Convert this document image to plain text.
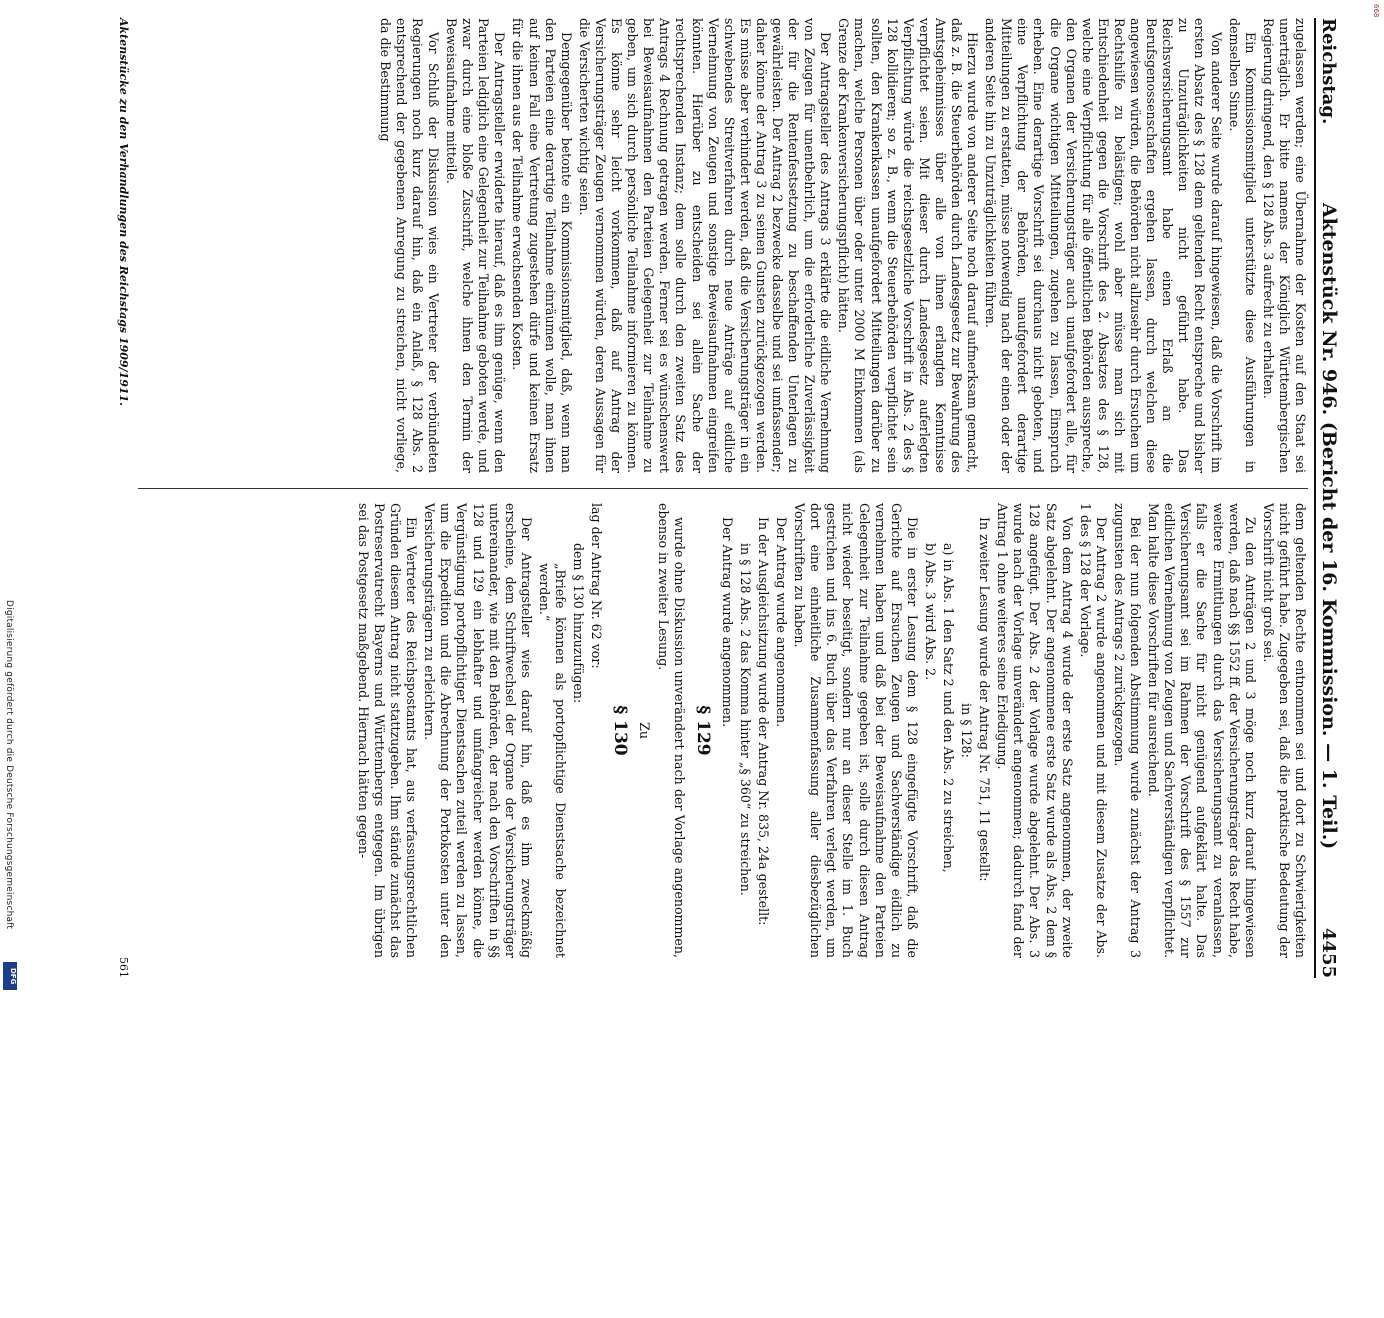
Digitalisierung gefördert durch die Deutsche Forschungsgemeinschaft
DFG
668
Reichstag.
Aktenstück Nr. 946. (Bericht der 16. Kommission. — 1. Teil.)
4455

zugelassen werden; eine Übernahme der Kosten auf den Staat sei unerträglich. Er bitte namens der Königlich Württembergischen Regierung dringend, den § 128 Abs. 3 aufrecht zu erhalten.

Ein Kommissionsmitglied unterstützte diese Ausführungen in demselben Sinne.

Von anderer Seite wurde darauf hingewiesen, daß die Vorschrift im ersten Absatz des § 128 dem geltenden Recht entspreche und bisher zu Unzuträglichkeiten nicht geführt habe. Das Reichsversicherungsamt habe einen Erlaß an die Berufsgenossenschaften ergehen lassen, durch welchen diese angewiesen würden, die Behörden nicht allzusehr durch Ersuchen um Rechtshilfe zu belästigen; wohl aber müsse man sich mit Entschiedenheit gegen die Vorschrift des 2. Absatzes des § 128, welche eine Verpflichtung für alle öffentlichen Behörden ausspreche, den Organen der Versicherungsträger auch unaufgefordert alle, für die Organe wichtigen Mitteilungen, zugehen zu lassen, Einspruch erheben. Eine derartige Vorschrift sei durchaus nicht geboten, und eine Verpflichtung der Behörden, unaufgefordert derartige Mitteilungen zu erstatten, müsse notwendig nach der einen oder der anderen Seite hin zu Unzuträglichkeiten führen.

Hierzu wurde von anderer Seite noch darauf aufmerksam gemacht, daß z. B. die Steuerbehörden durch Landesgesetz zur Bewahrung des Amtsgeheimnisses über alle von ihnen erlangten Kenntnisse verpflichtet seien. Mit dieser durch Landesgesetz auferlegten Verpflichtung würde die reichsgesetzliche Vorschrift in Abs. 2 des § 128 kollidieren; so z. B., wenn die Steuerbehörden verpflichtet sein sollten, den Krankenkassen unaufgefordert Mitteilungen darüber zu machen, welche Personen über oder unter 2000 M Einkommen (als Grenze der Krankenversicherungspflicht) hätten.

Der Antragsteller des Antrags 3 erklärte die eidliche Vernehmung von Zeugen für unentbehrlich, um die erforderliche Zuverlässigkeit der für die Rentenfestsetzung zu beschaffenden Unterlagen zu gewährleisten. Der Antrag 2 bezwecke dasselbe und sei umfassender; daher könne der Antrag 3 zu seinen Gunsten zurückgezogen werden. Es müsse aber verhindert werden, daß die Versicherungsträger in ein schwebendes Streitverfahren durch neue Anträge auf eidliche Vernehmung von Zeugen und sonstige Beweisaufnahmen eingreifen könnten. Hierüber zu entscheiden sei allein Sache der rechtsprechenden Instanz; dem solle durch den zweiten Satz des Antrags 4 Rechnung getragen werden. Ferner sei es wünschenswert bei Beweisaufnahmen den Parteien Gelegenheit zur Teilnahme zu geben, um sich durch persönliche Teilnahme informieren zu können. Es könne sehr leicht vorkommen, daß auf Antrag der Versicherungsträger Zeugen vernommen würden, deren Aussagen für die Versicherten wichtig seien.

Demgegenüber betonte ein Kommissionsmitglied, daß, wenn man den Parteien eine derartige Teilnahme einräumen wolle, man ihnen auf keinen Fall eine Vertretung zugestehen dürfe und keinen Ersatz für die ihnen aus der Teilnahme erwachsenden Kosten.

Der Antragsteller erwiderte hierauf, daß es ihm genüge, wenn den Parteien lediglich eine Gelegenheit zur Teilnahme geboten werde, und zwar durch eine bloße Zuschrift, welche ihnen den Termin der Beweisaufnahme mitteile.

Vor Schluß der Diskussion wies ein Vertreter der verbündeten Regierungen noch kurz darauf hin, daß ein Anlaß, § 128 Abs. 2 entsprechend der gegebenen Anregung zu streichen, nicht vorliege, da die Bestimmung

dem geltenden Rechte entnommen sei und dort zu Schwierigkeiten nicht geführt habe. Zugegeben sei, daß die praktische Bedeutung der Vorschrift nicht groß sei.

Zu den Anträgen 2 und 3 möge noch kurz darauf hingewiesen werden, daß nach §§ 1552 ff. der Versicherungsträger das Recht habe, weitere Ermittlungen durch das Versicherungsamt zu veranlassen, falls er die Sache für nicht genügend aufgeklärt halte. Das Versicherungsamt sei im Rahmen der Vorschrift des § 1557 zur eidlichen Vernehmung von Zeugen und Sachverständigen verpflichtet. Man halte diese Vorschriften für ausreichend.

Bei der nun folgenden Abstimmung wurde zunächst der Antrag 3 zugunsten des Antrags 2 zurückgezogen.

Der Antrag 2 wurde angenommen und mit diesem Zusatze der Abs. 1 des § 128 der Vorlage.

Von dem Antrag 4 wurde der erste Satz angenommen, der zweite Satz abgelehnt. Der angenommene erste Satz wurde als Abs. 2 dem § 128 angefügt. Der Abs. 2 der Vorlage wurde abgelehnt. Der Abs. 3 wurde nach der Vorlage unverändert angenommen; dadurch fand der Antrag 1 ohne weiteres seine Erledigung.

In zweiter Lesung wurde der Antrag Nr. 751, 11 gestellt:

in § 128:

a) in Abs. 1 den Satz 2 und den Abs. 2 zu streichen,

b) Abs. 3 wird Abs. 2.

Die in erster Lesung dem § 128 eingefügte Vorschrift, daß die Gerichte auf Ersuchen Zeugen und Sachverständige eidlich zu vernehmen haben und daß bei der Beweisaufnahme den Parteien Gelegenheit zur Teilnahme gegeben ist, solle durch diesen Antrag nicht wieder beseitigt, sondern nur an dieser Stelle im 1. Buch gestrichen und ins 6. Buch über das Verfahren verlegt werden, um dort eine einheitliche Zusammenfassung aller diesbezüglichen Vorschriften zu haben.

Der Antrag wurde angenommen.

In der Ausgleichsitzung wurde der Antrag Nr. 835, 24a gestellt:

in § 128 Abs. 2 das Komma hinter „§ 360“ zu streichen.

Der Antrag wurde angenommen.

§ 129

wurde ohne Diskussion unverändert nach der Vorlage angenommen, ebenso in zweiter Lesung.

Zu

§ 130

lag der Antrag Nr. 62 vor:

dem § 130 hinzuzufügen:

„Briefe können als portopflichtige Dienstsache bezeichnet werden.“

Der Antragsteller wies darauf hin, daß es ihm zweckmäßig erscheine, dem Schriftwechsel der Organe der Versicherungsträger untereinander, wie mit den Behörden, der nach den Vorschriften in §§ 128 und 129 ein lebhafter und umfangreicher werden könne, die Vergünstigung portopflichtiger Dienstsachen zuteil werden zu lassen, um die Expedition und die Abrechnung der Portokosten unter den Versicherungsträgern zu erleichtern.

Ein Vertreter des Reichspostamts hat, aus verfassungsrechtlichen Gründen diesem Antrag nicht stattzugeben. Ihm stände zunächst das Postreservatrecht Bayerns und Württembergs entgegen. Im übrigen sei das Postgesetz maßgebend. Hiernach hätten gegen-

Aktenstücke zu den Verhandlungen des Reichstags 1909/1911.
561
